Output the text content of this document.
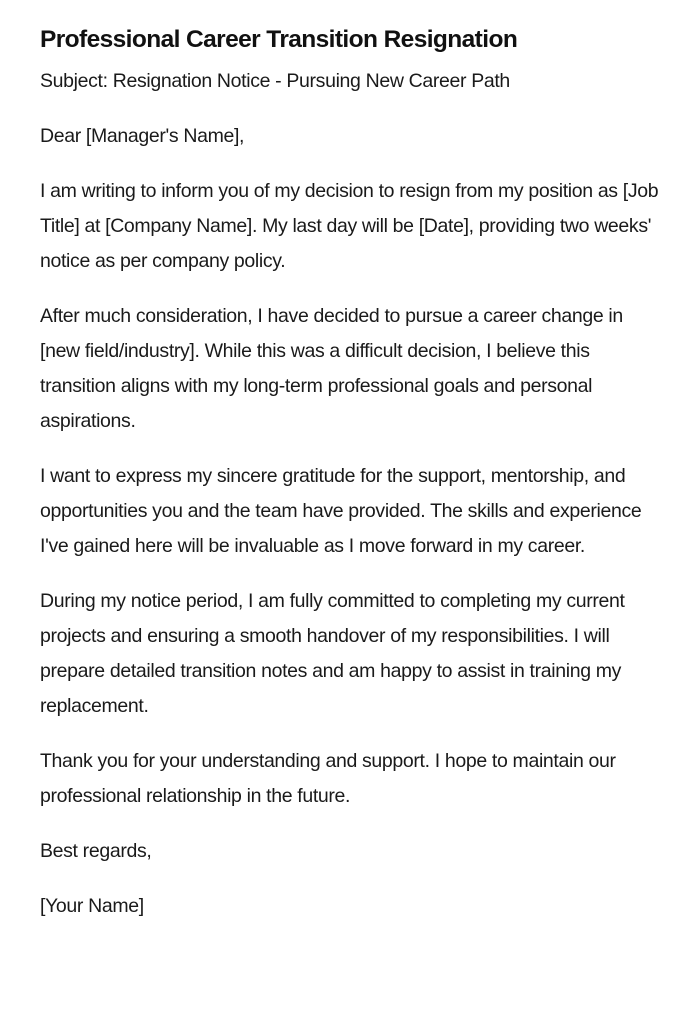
Professional Career Transition Resignation

Subject: Resignation Notice - Pursuing New Career Path

Dear [Manager's Name],

I am writing to inform you of my decision to resign from my position as [Job Title] at [Company Name]. My last day will be [Date], providing two weeks' notice as per company policy.

After much consideration, I have decided to pursue a career change in [new field/industry]. While this was a difficult decision, I believe this transition aligns with my long-term professional goals and personal aspirations.

I want to express my sincere gratitude for the support, mentorship, and opportunities you and the team have provided. The skills and experience I've gained here will be invaluable as I move forward in my career.

During my notice period, I am fully committed to completing my current projects and ensuring a smooth handover of my responsibilities. I will prepare detailed transition notes and am happy to assist in training my replacement.

Thank you for your understanding and support. I hope to maintain our professional relationship in the future.

Best regards,

[Your Name]
